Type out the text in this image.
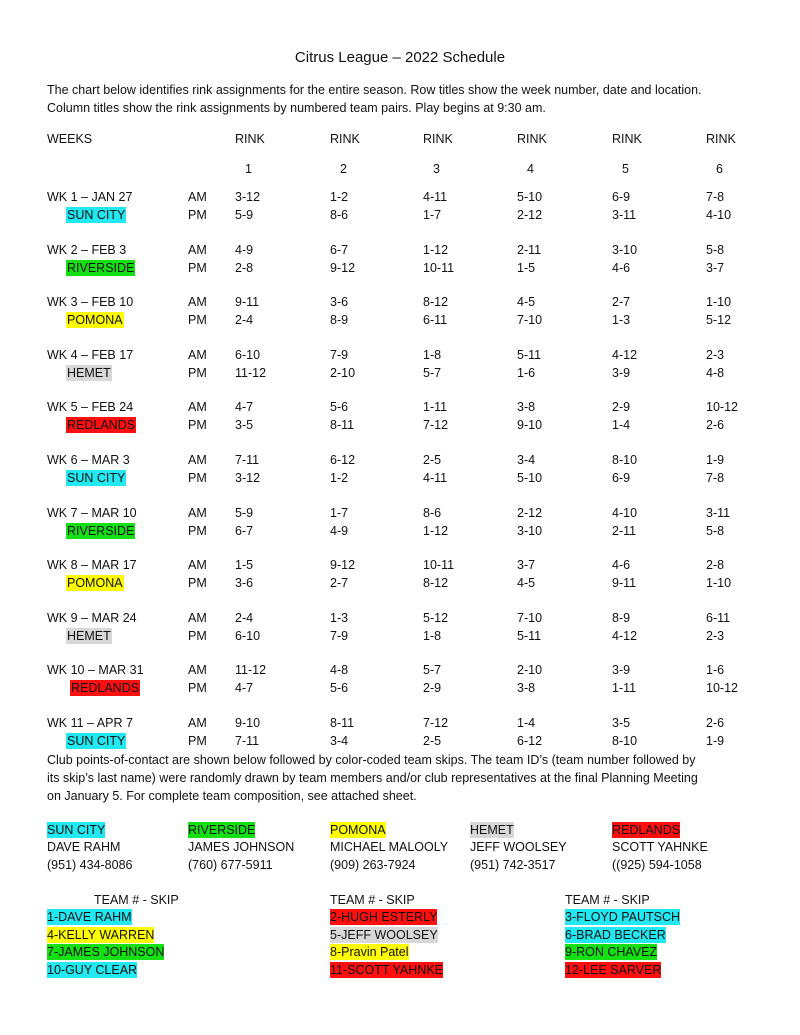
Citrus League – 2022 Schedule
The chart below identifies rink assignments for the entire season. Row titles show the week number, date and location.
Column titles show the rink assignments by numbered team pairs. Play begins at 9:30 am.
WEEKS	RINK
1
RINK
2
RINK
3
RINK
4
RINK
5
RINK
6
WK 1 – JAN 27
SUN CITY
AM
PM
3-12
5-9
1-2
8-6
4-11
1-7
5-10
2-12
6-9
3-11
7-8
4-10
WK 2 – FEB 3
RIVERSIDE
AM
PM
4-9
2-8
6-7
9-12
1-12
10-11
2-11
1-5
3-10
4-6
5-8
3-7
WK 3 – FEB 10
POMONA
AM
PM
9-11
2-4
3-6
8-9
8-12
6-11
4-5
7-10
2-7
1-3
1-10
5-12
WK 4 – FEB 17
HEMET
AM
PM
6-10
11-12
7-9
2-10
1-8
5-7
5-11
1-6
4-12
3-9
2-3
4-8
WK 5 – FEB 24
REDLANDS
AM
PM
4-7
3-5
5-6
8-11
1-11
7-12
3-8
9-10
2-9
1-4
10-12
2-6
WK 6 – MAR 3
SUN CITY
AM
PM
7-11
3-12
6-12
1-2
2-5
4-11
3-4
5-10
8-10
6-9
1-9
7-8
WK 7 – MAR 10
RIVERSIDE
AM
PM
5-9
6-7
1-7
4-9
8-6
1-12
2-12
3-10
4-10
2-11
3-11
5-8
WK 8 – MAR 17
POMONA
AM
PM
1-5
3-6
9-12
2-7
10-11
8-12
3-7
4-5
4-6
9-11
2-8
1-10
WK 9 – MAR 24
HEMET
AM
PM
2-4
6-10
1-3
7-9
5-12
1-8
7-10
5-11
8-9
4-12
6-11
2-3
WK 10 – MAR 31
REDLANDS
AM
PM
11-12
4-7
4-8
5-6
5-7
2-9
2-10
3-8
3-9
1-11
1-6
10-12
WK 11 – APR 7
SUN CITY
AM
PM
9-10
7-11
8-11
3-4
7-12
2-5
1-4
6-12
3-5
8-10
2-6
1-9
Club points-of-contact are shown below followed by color-coded team skips. The team ID’s (team number followed by
its skip’s last name) were randomly drawn by team members and/or club representatives at the final Planning Meeting
on January 5. For complete team composition, see attached sheet.
SUN CITY
DAVE RAHM
(951) 434-8086
RIVERSIDE
JAMES JOHNSON
(760) 677-5911
POMONA
MICHAEL MALOOLY
(909) 263-7924
HEMET
JEFF WOOLSEY
(951) 742-3517
REDLANDS
SCOTT YAHNKE
((925) 594-1058
TEAM # - SKIP
1-DAVE RAHM
4-KELLY WARREN
7-JAMES JOHNSON
10-GUY CLEAR
TEAM # - SKIP
2-HUGH ESTERLY
5-JEFF WOOLSEY
8-Pravin Patel
11-SCOTT YAHNKE
TEAM # - SKIP
3-FLOYD PAUTSCH
6-BRAD BECKER
9-RON CHAVEZ
12-LEE SARVER
